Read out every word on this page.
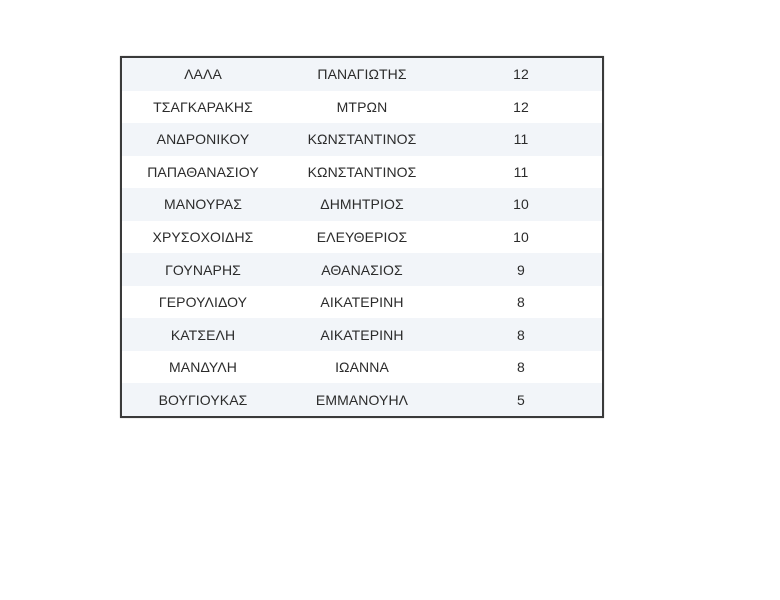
ΛΑΛΑ	ΠΑΝΑΓΙΩΤΗΣ	12
ΤΣΑΓΚΑΡΑΚΗΣ	ΜΤΡΩΝ	12
ΑΝΔΡΟΝΙΚΟΥ	ΚΩΝΣΤΑΝΤΙΝΟΣ	11
ΠΑΠΑΘΑΝΑΣΙΟΥ	ΚΩΝΣΤΑΝΤΙΝΟΣ	11
ΜΑΝΟΥΡΑΣ	ΔΗΜΗΤΡΙΟΣ	10
ΧΡΥΣΟΧΟΙΔΗΣ	ΕΛΕΥΘΕΡΙΟΣ	10
ΓΟΥΝΑΡΗΣ	ΑΘΑΝΑΣΙΟΣ	9
ΓΕΡΟΥΛΙΔΟΥ	ΑΙΚΑΤΕΡΙΝΗ	8
ΚΑΤΣΕΛΗ	ΑΙΚΑΤΕΡΙΝΗ	8
ΜΑΝΔΥΛΗ	ΙΩΑΝΝΑ	8
ΒΟΥΓΙΟΥΚΑΣ	ΕΜΜΑΝΟΥΗΛ	5
